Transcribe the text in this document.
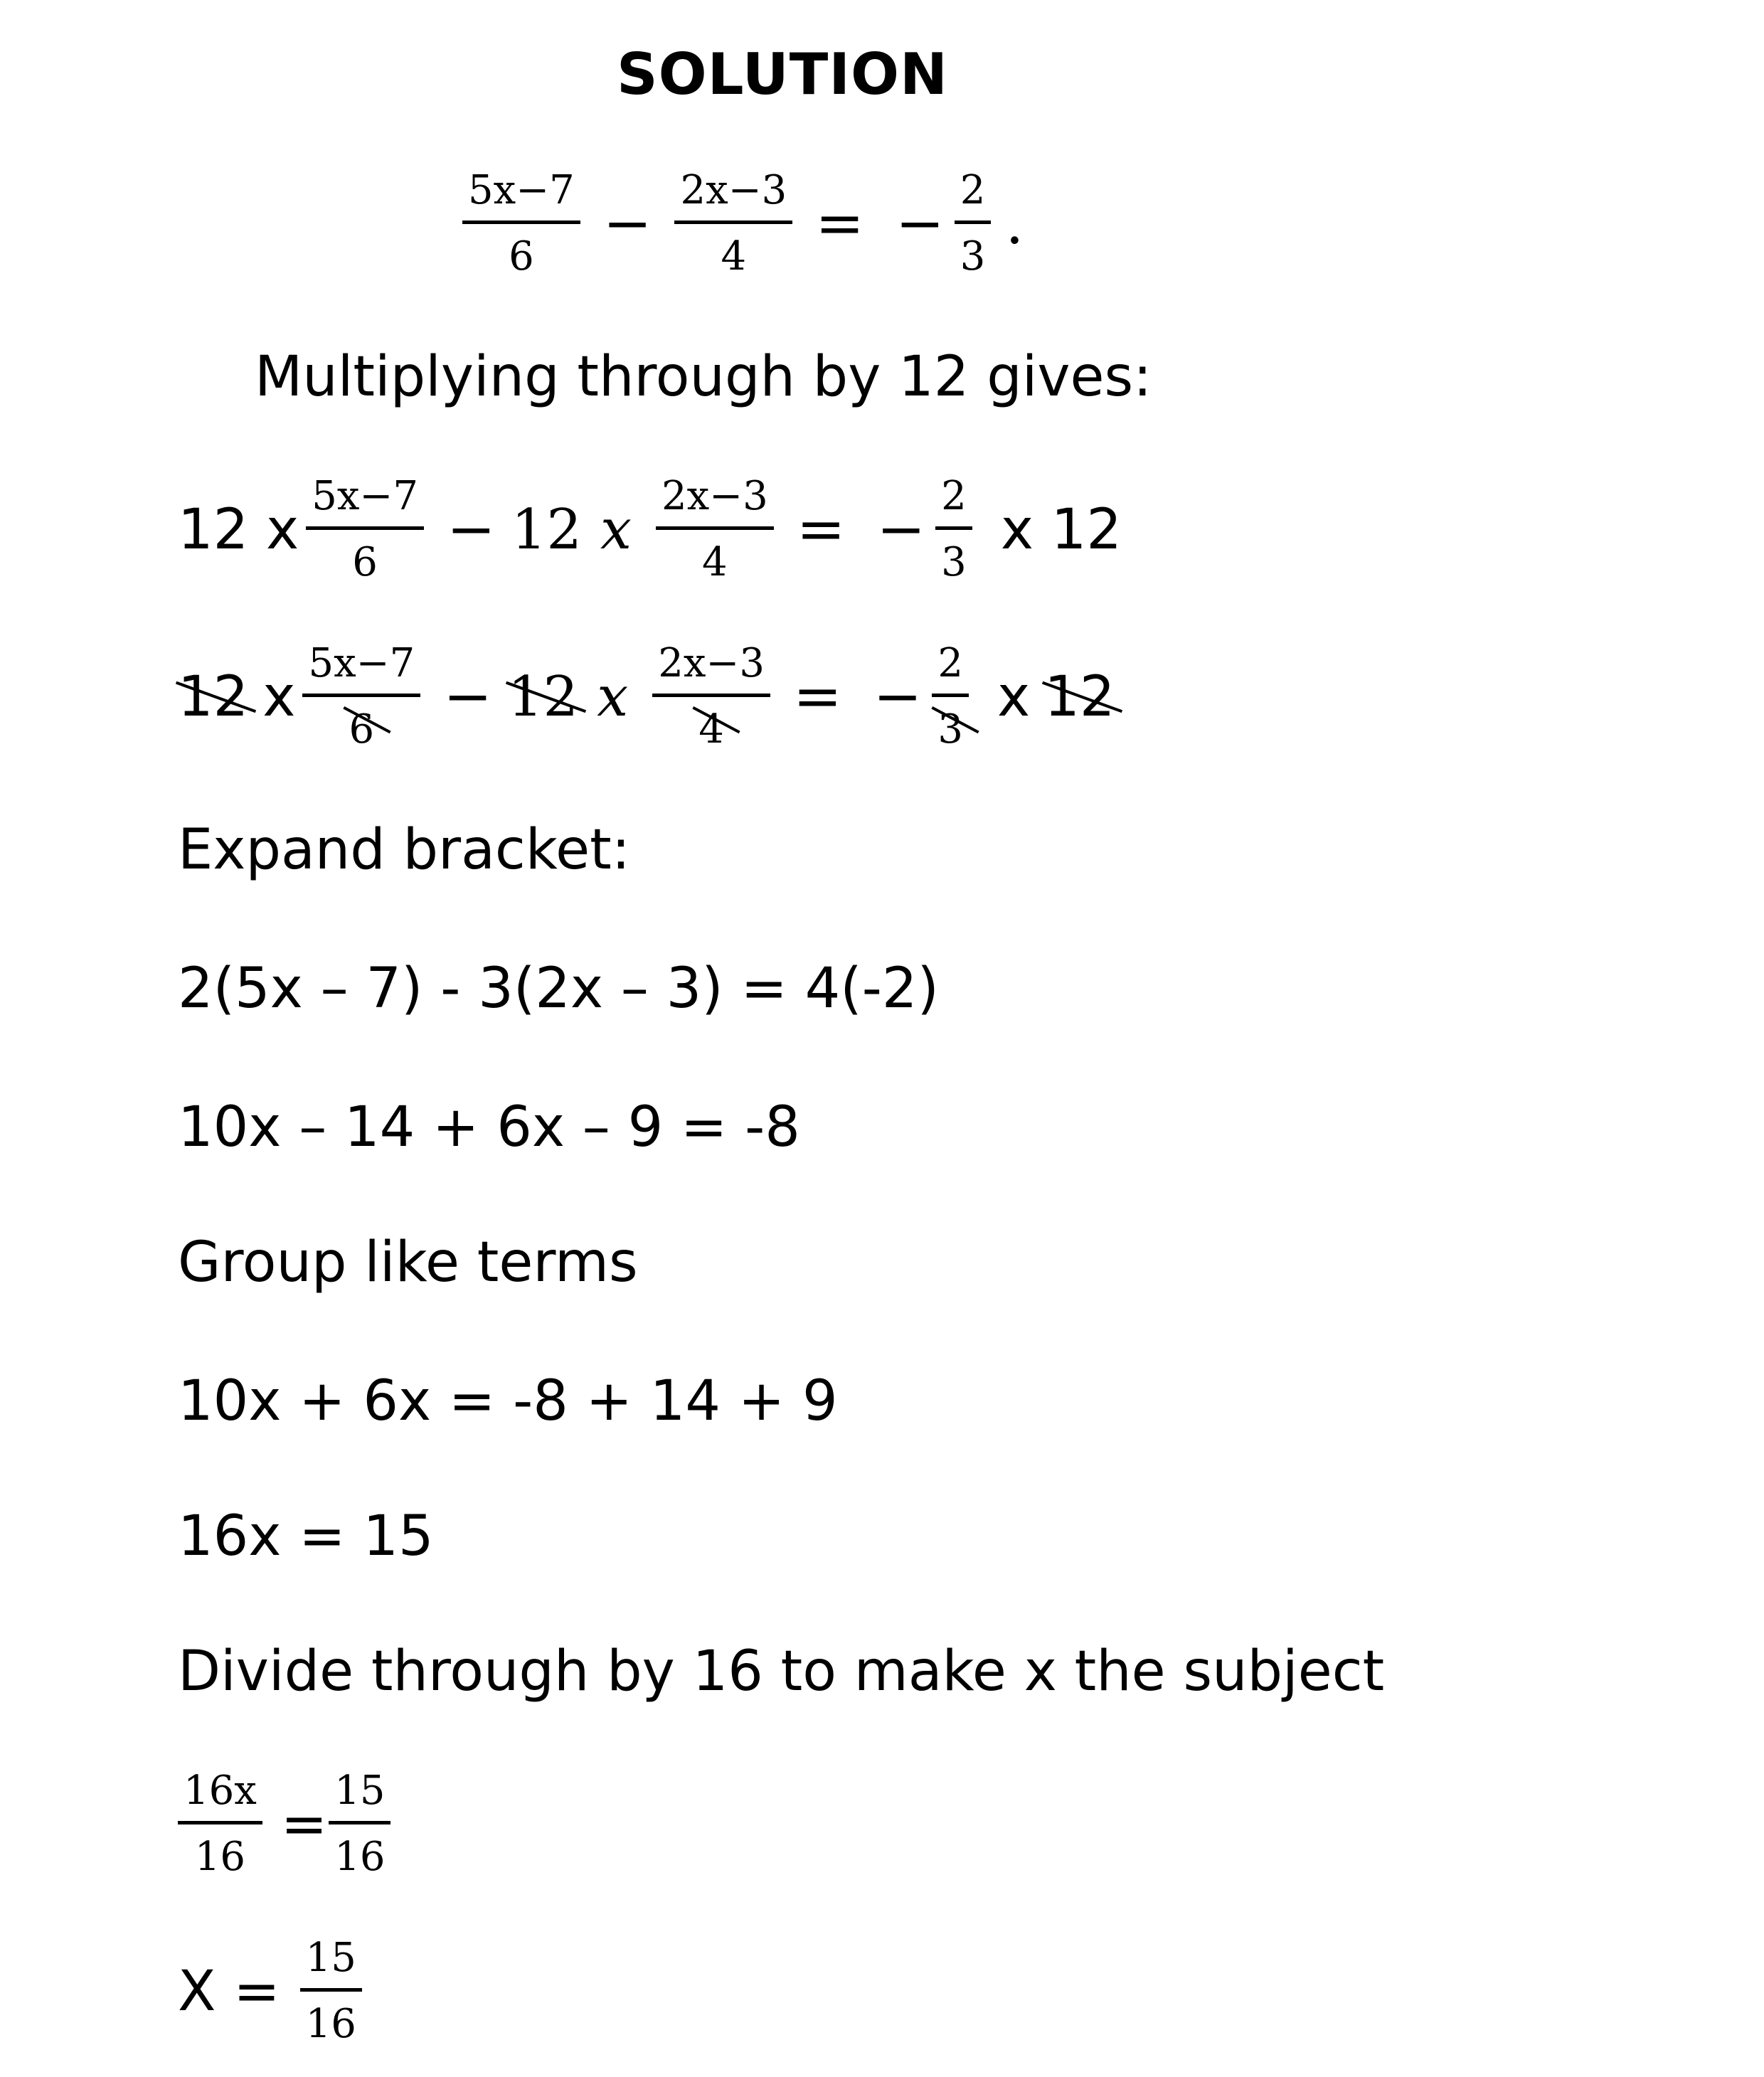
SOLUTION
$\frac{5x-7}{6} - \frac{2x-3}{4}$ = − $\frac{2}{3}$ .
Multiplying through by 12 gives:
12 x $\frac{5x-7}{6} - 12$ x $\frac{2x-3}{4}$ = − $\frac{2}{3}$ x 12
12 x $\frac{5x-7}{6} - 12$ x $\frac{2x-3}{4}$ = − $\frac{2}{3}$ x 12
Expand bracket:
2(5x – 7) - 3(2x – 3) = 4(-2)
10x – 14 + 6x – 9 = -8
Group like terms
10x + 6x = -8 + 14 + 9
16x = 15
Divide through by 16 to make x the subject
$\frac{16x}{16} = \frac{15}{16}$
$X = \frac{15}{16}$
